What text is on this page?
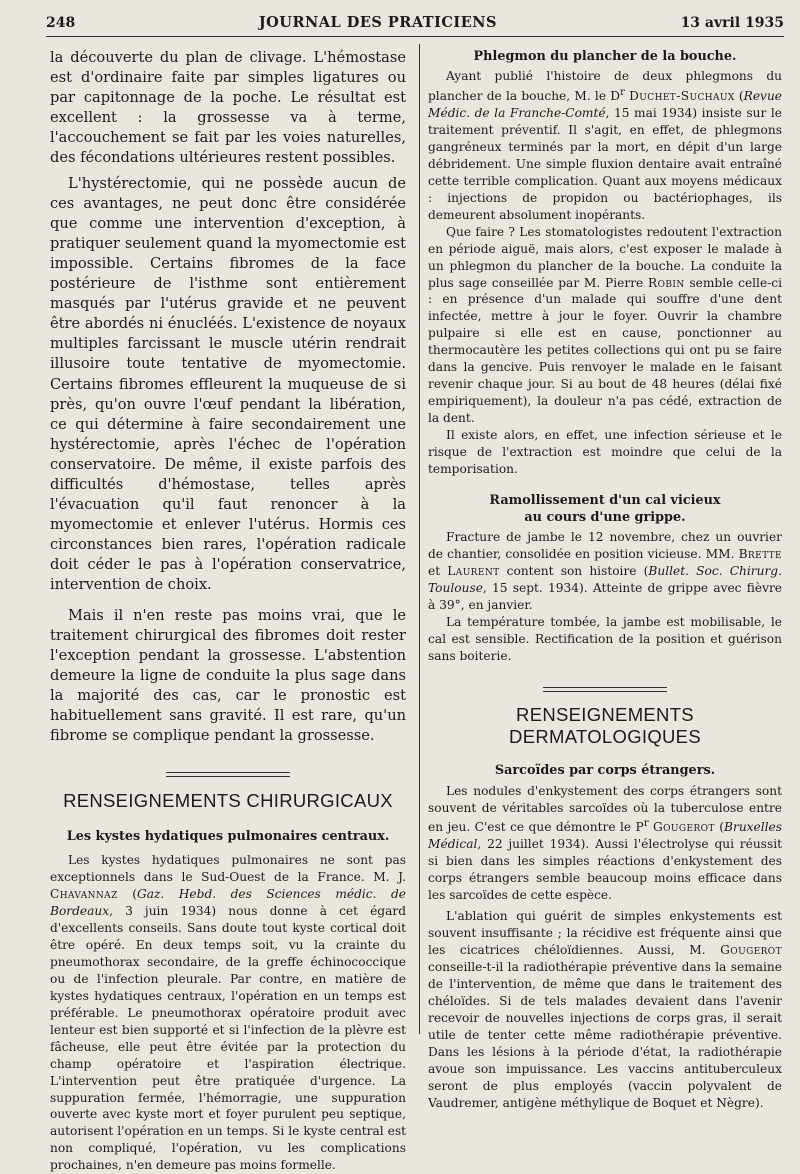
248	JOURNAL DES PRATICIENS	13 avril 1935

la découverte du plan de clivage. L'hémostase est d'ordinaire faite par simples ligatures ou par capitonnage de la poche. Le résultat est excellent : la grossesse va à terme, l'accouchement se fait par les voies naturelles, des fécondations ultérieures restent possibles.

L'hystérectomie, qui ne possède aucun de ces avantages, ne peut donc être considérée que comme une intervention d'exception, à pratiquer seulement quand la myomectomie est impossible. Certains fibromes de la face postérieure de l'isthme sont entièrement masqués par l'utérus gravide et ne peuvent être abordés ni énucléés. L'existence de noyaux multiples farcissant le muscle utérin rendrait illusoire toute tentative de myomectomie. Certains fibromes effleurent la muqueuse de si près, qu'on ouvre l'œuf pendant la libération, ce qui détermine à faire secondairement une hystérectomie, après l'échec de l'opération conservatoire. De même, il existe parfois des difficultés d'hémostase, telles après l'évacuation qu'il faut renoncer à la myomectomie et enlever l'utérus. Hormis ces circonstances bien rares, l'opération radicale doit céder le pas à l'opération conservatrice, intervention de choix.

Mais il n'en reste pas moins vrai, que le traitement chirurgical des fibromes doit rester l'exception pendant la grossesse. L'abstention demeure la ligne de conduite la plus sage dans la majorité des cas, car le pronostic est habituellement sans gravité. Il est rare, qu'un fibrome se complique pendant la grossesse.

RENSEIGNEMENTS CHIRURGICAUX
Les kystes hydatiques pulmonaires centraux.

Les kystes hydatiques pulmonaires ne sont pas exceptionnels dans le Sud-Ouest de la France. M. J. Chavannaz (Gaz. Hebd. des Sciences médic. de Bordeaux, 3 juin 1934) nous donne à cet égard d'excellents conseils. Sans doute tout kyste cortical doit être opéré. En deux temps soit, vu la crainte du pneumothorax secondaire, de la greffe échinococcique ou de l'infection pleurale. Par contre, en matière de kystes hydatiques centraux, l'opération en un temps est préférable. Le pneumothorax opératoire produit avec lenteur est bien supporté et si l'infection de la plèvre est fâcheuse, elle peut être évitée par la protection du champ opératoire et l'aspiration électrique. L'intervention peut être pratiquée d'urgence. La suppuration fermée, l'hémorragie, une suppuration ouverte avec kyste mort et foyer purulent peu septique, autorisent l'opération en un temps. Si le kyste central est non compliqué, l'opération, vu les complications prochaines, n'en demeure pas moins formelle.

Phlegmon du plancher de la bouche.

Ayant publié l'histoire de deux phlegmons du plancher de la bouche, M. le $D^r$ Duchet-Suchaux (Revue Médic. de la Franche-Comté, 15 mai 1934) insiste sur le traitement préventif. Il s'agit, en effet, de phlegmons gangréneux terminés par la mort, en dépit d'un large débridement. Une simple fluxion dentaire avait entraîné cette terrible complication. Quant aux moyens médicaux : injections de propidon ou bactériophages, ils demeurent absolument inopérants.

Que faire ? Les stomatologistes redoutent l'extraction en période aiguë, mais alors, c'est exposer le malade à un phlegmon du plancher de la bouche. La conduite la plus sage conseillée par M. Pierre Robin semble celle-ci : en présence d'un malade qui souffre d'une dent infectée, mettre à jour le foyer. Ouvrir la chambre pulpaire si elle est en cause, ponctionner au thermocautère les petites collections qui ont pu se faire dans la gencive. Puis renvoyer le malade en le faisant revenir chaque jour. Si au bout de 48 heures (délai fixé empiriquement), la douleur n'a pas cédé, extraction de la dent.

Il existe alors, en effet, une infection sérieuse et le risque de l'extraction est moindre que celui de la temporisation.

Ramollissement d'un cal vicieux
au cours d'une grippe.

Fracture de jambe le 12 novembre, chez un ouvrier de chantier, consolidée en position vicieuse. MM. Brette et Laurent content son histoire (Bullet. Soc. Chirurg. Toulouse, 15 sept. 1934). Atteinte de grippe avec fièvre à 39°, en janvier.

La température tombée, la jambe est mobilisable, le cal est sensible. Rectification de la position et guérison sans boiterie.

RENSEIGNEMENTS DERMATOLOGIQUES
Sarcoïdes par corps étrangers.

Les nodules d'enkystement des corps étrangers sont souvent de véritables sarcoïdes où la tuberculose entre en jeu. C'est ce que démontre le $P^r$ Gougerot (Bruxelles Médical, 22 juillet 1934). Aussi l'électrolyse qui réussit si bien dans les simples réactions d'enkystement des corps étrangers semble beaucoup moins efficace dans les sarcoïdes de cette espèce.

L'ablation qui guérit de simples enkystements est souvent insuffisante ; la récidive est fréquente ainsi que les cicatrices chéloïdiennes. Aussi, M. Gougerot conseille-t-il la radiothérapie préventive dans la semaine de l'intervention, de même que dans le traitement des chéloïdes. Si de tels malades devaient dans l'avenir recevoir de nouvelles injections de corps gras, il serait utile de tenter cette même radiothérapie préventive. Dans les lésions à la période d'état, la radiothérapie avoue son impuissance. Les vaccins antituberculeux seront de plus employés (vaccin polyvalent de Vaudremer, antigène méthylique de Boquet et Nègre).
